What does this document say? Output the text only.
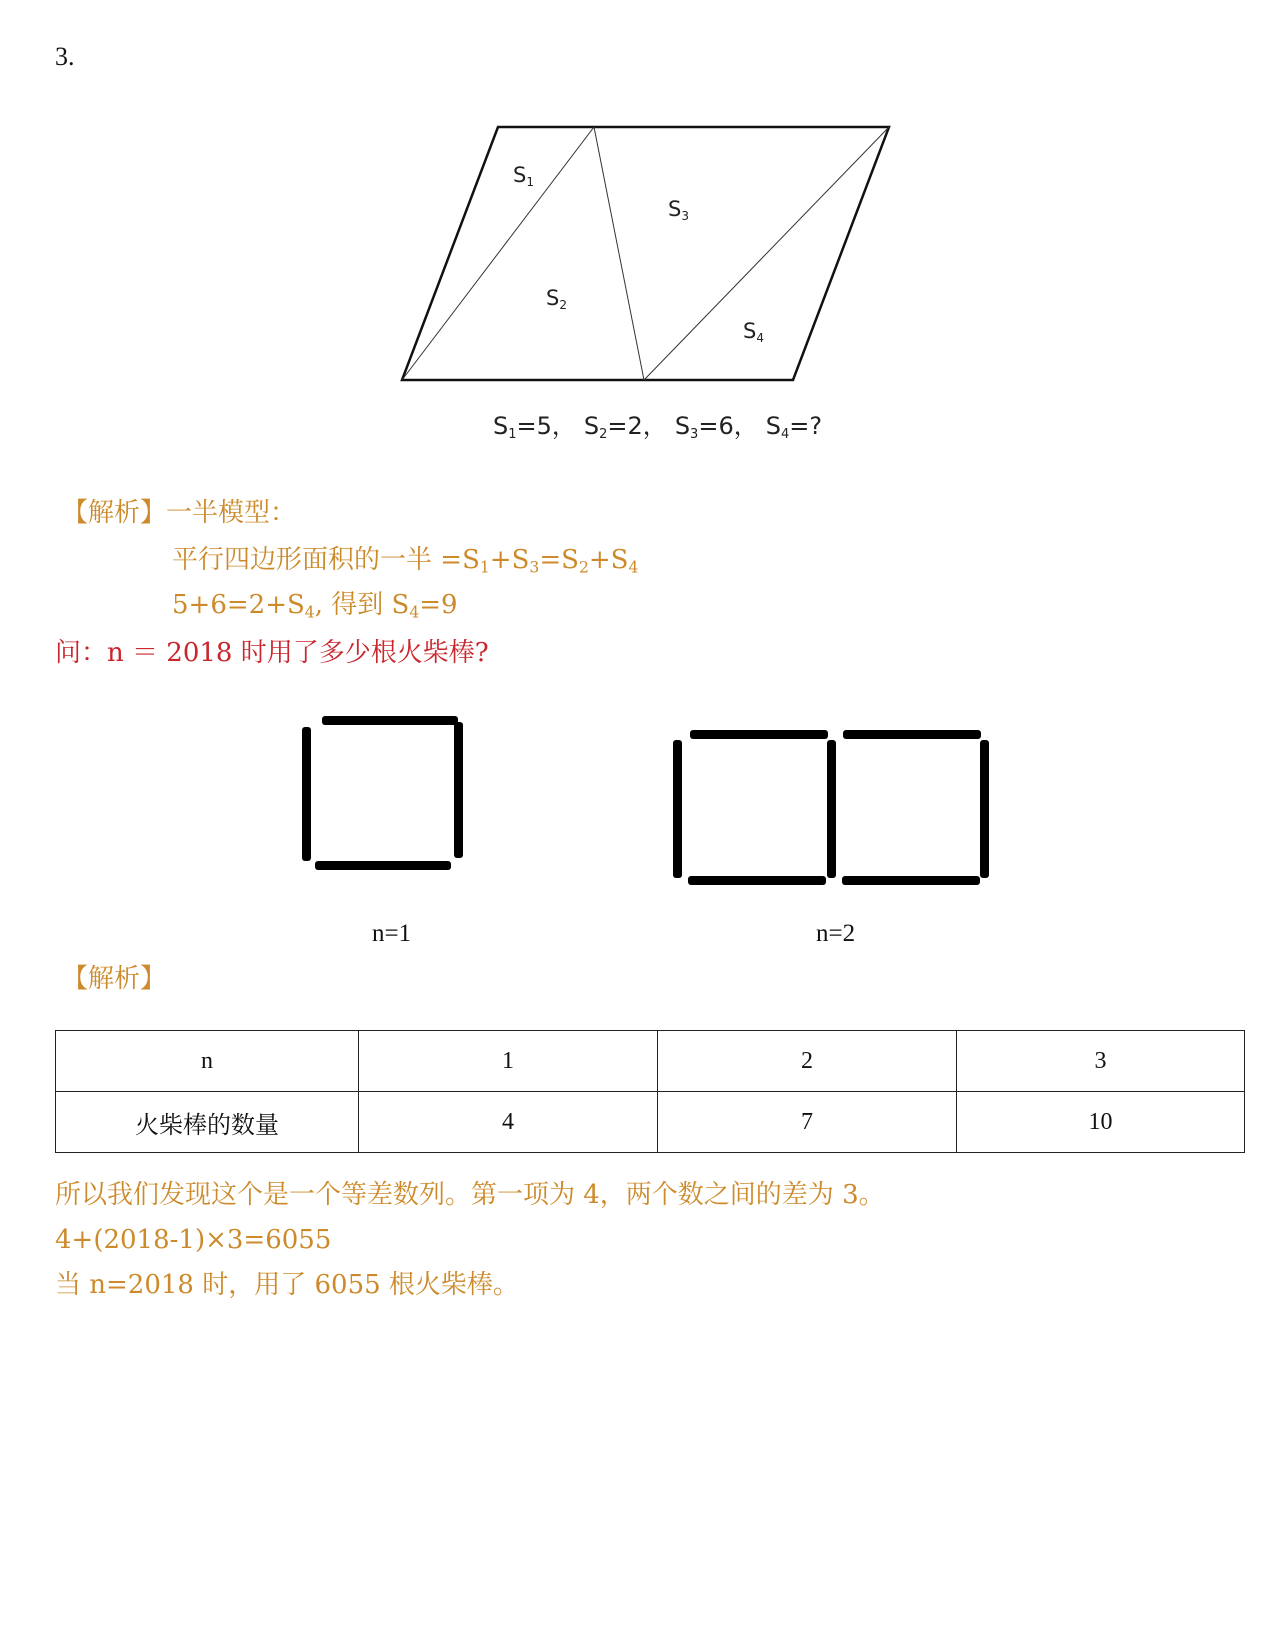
3.
S1
S2
S3
S4
S1=5， S2=2， S3=6， S4=?
【解析】一半模型：
平行四边形面积的一半 $=S_1+S_3=S_2+S_4$
$5+6=2+S_4$, 得到 $S_4=9$
问：n ＝ 2018 时用了多少根火柴棒?
n=1	n=2
【解析】
n	1	2	3
火柴棒的数量	4	7	10
所以我们发现这个是一个等差数列。第一项为 4，两个数之间的差为 3。
4+(2018-1)×3=6055
当 n=2018 时，用了 6055 根火柴棒。
